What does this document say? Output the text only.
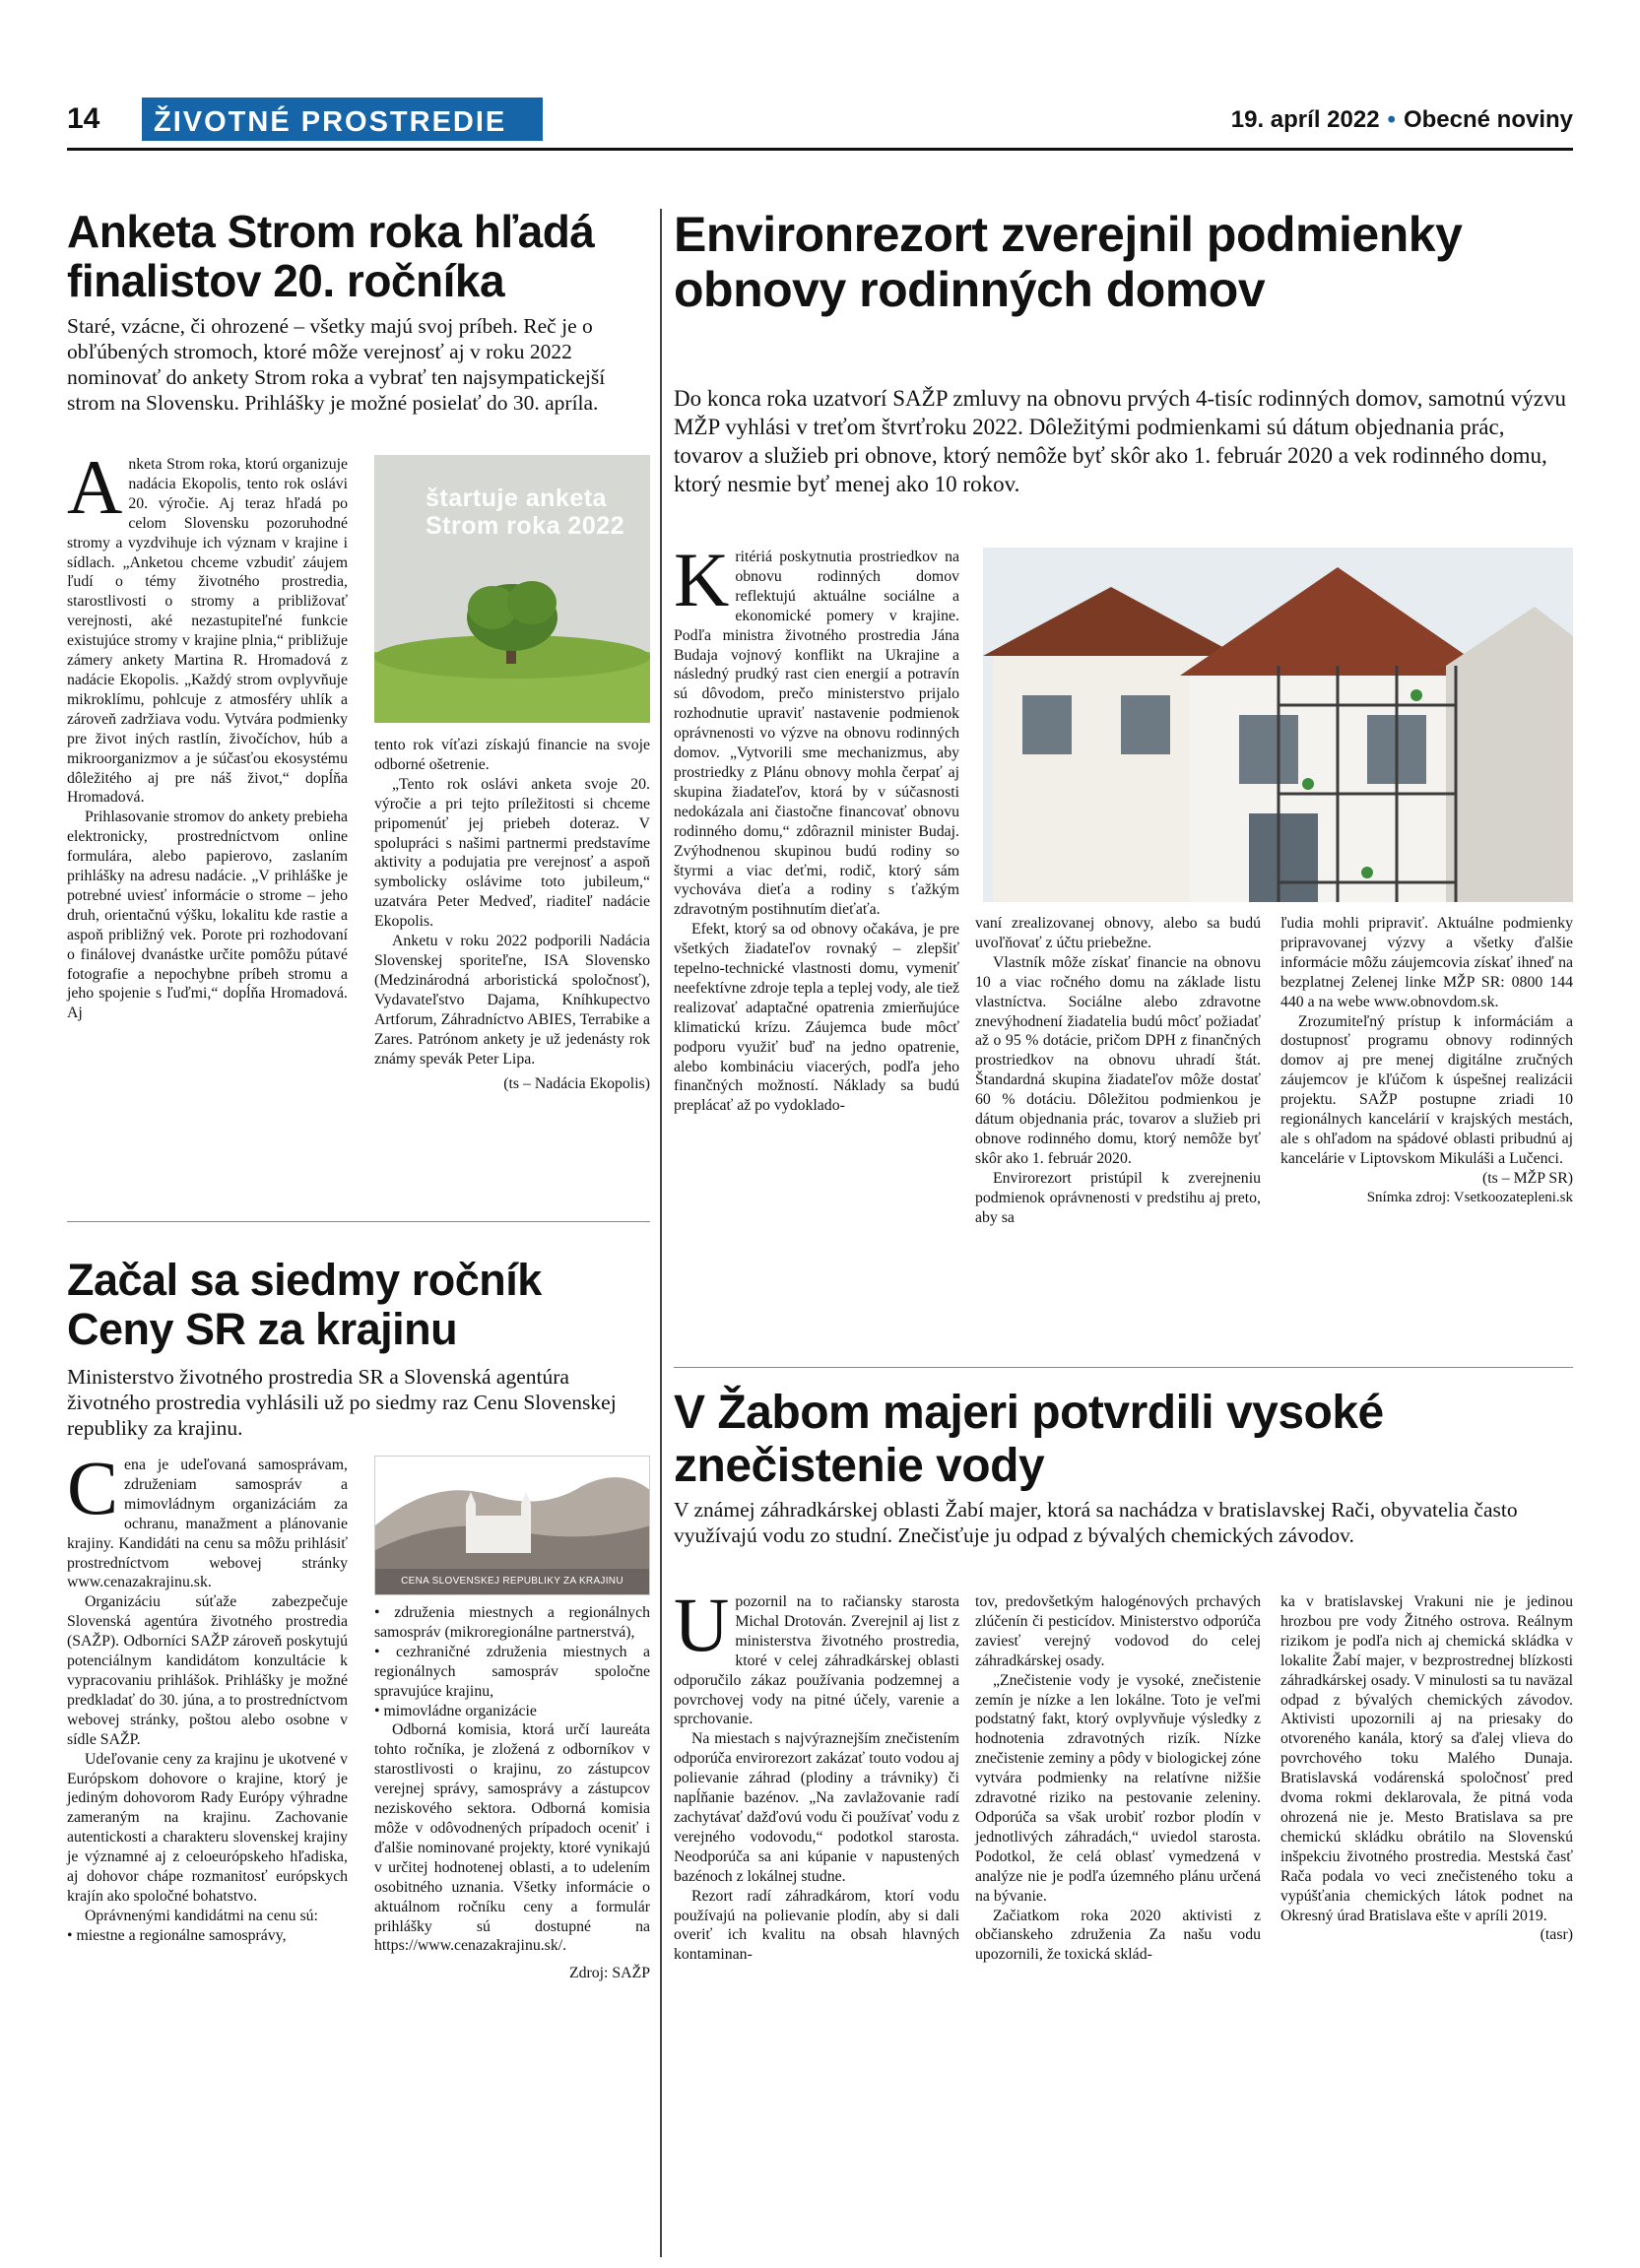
14	ŽIVOTNÉ PROSTREDIE	19. apríl 2022 • Obecné noviny
Anketa Strom roka hľadá finalistov 20. ročníka
Staré, vzácne, či ohrozené – všetky majú svoj príbeh. Reč je o obľúbených stromoch, ktoré môže verejnosť aj v roku 2022 nominovať do ankety Strom roka a vybrať ten najsympatickejší strom na Slovensku. Prihlášky je možné posielať do 30. apríla.

Anketa Strom roka, ktorú organizuje nadácia Ekopolis, tento rok oslávi 20. výročie. Aj teraz hľadá po celom Slovensku pozoruhodné stromy a vyzdvihuje ich význam v krajine i sídlach. „Anketou chceme vzbudiť záujem ľudí o témy životného prostredia, starostlivosti o stromy a približovať verejnosti, aké nezastupiteľné funkcie existujúce stromy v krajine plnia,“ približuje zámery ankety Martina R. Hromadová z nadácie Ekopolis. „Každý strom ovplyvňuje mikroklímu, pohlcuje z atmosféry uhlík a zároveň zadržiava vodu. Vytvára podmienky pre život iných rastlín, živočíchov, húb a mikroorganizmov a je súčasťou ekosystému dôležitého aj pre náš život,“ dopĺňa Hromadová.

Prihlasovanie stromov do ankety prebieha elektronicky, prostredníctvom online formulára, alebo papierovo, zaslaním prihlášky na adresu nadácie. „V prihláške je potrebné uviesť informácie o strome – jeho druh, orientačnú výšku, lokalitu kde rastie a aspoň približný vek. Porote pri rozhodovaní o finálovej dvanástke určite pomôžu pútavé fotografie a nepochybne príbeh stromu a jeho spojenie s ľuďmi,“ dopĺňa Hromadová. Aj

štartuje anketa Strom roka 2022

tento rok víťazi získajú financie na svoje odborné ošetrenie.

„Tento rok oslávi anketa svoje 20. výročie a pri tejto príležitosti si chceme pripomenúť jej priebeh doteraz. V spolupráci s našimi partnermi predstavíme aktivity a podujatia pre verejnosť a aspoň symbolicky oslávime toto jubileum,“ uzatvára Peter Medveď, riaditeľ nadácie Ekopolis.

Anketu v roku 2022 podporili Nadácia Slovenskej sporiteľne, ISA Slovensko (Medzinárodná arboristická spoločnosť), Vydavateľstvo Dajama, Kníhkupectvo Artforum, Záhradníctvo ABIES, Terrabike a Zares. Patrónom ankety je už jedenásty rok známy spevák Peter Lipa.

(ts – Nadácia Ekopolis)

Environrezort zverejnil podmienky obnovy rodinných domov
Do konca roka uzatvorí SAŽP zmluvy na obnovu prvých 4-tisíc rodinných domov, samotnú výzvu MŽP vyhlási v treťom štvrťroku 2022. Dôležitými podmienkami sú dátum objednania prác, tovarov a služieb pri obnove, ktorý nemôže byť skôr ako 1. február 2020 a vek rodinného domu, ktorý nesmie byť menej ako 10 rokov.

Kritériá poskytnutia prostriedkov na obnovu rodinných domov reflektujú aktuálne sociálne a ekonomické pomery v krajine. Podľa ministra životného prostredia Jána Budaja vojnový konflikt na Ukrajine a následný prudký rast cien energií a potravín sú dôvodom, prečo ministerstvo prijalo rozhodnutie upraviť nastavenie podmienok oprávnenosti vo výzve na obnovu rodinných domov. „Vytvorili sme mechanizmus, aby prostriedky z Plánu obnovy mohla čerpať aj skupina žiadateľov, ktorá by v súčasnosti nedokázala ani čiastočne financovať obnovu rodinného domu,“ zdôraznil minister Budaj. Zvýhodnenou skupinou budú rodiny so štyrmi a viac deťmi, rodič, ktorý sám vychováva dieťa a rodiny s ťažkým zdravotným postihnutím dieťaťa.

Efekt, ktorý sa od obnovy očakáva, je pre všetkých žiadateľov rovnaký – zlepšiť tepelno-technické vlastnosti domu, vymeniť neefektívne zdroje tepla a teplej vody, ale tiež realizovať adaptačné opatrenia zmierňujúce klimatickú krízu. Záujemca bude môcť podporu využiť buď na jedno opatrenie, alebo kombináciu viacerých, podľa jeho finančných možností. Náklady sa budú preplácať až po vydoklado-

vaní zrealizovanej obnovy, alebo sa budú uvoľňovať z účtu priebežne.

Vlastník môže získať financie na obnovu 10 a viac ročného domu na základe listu vlastníctva. Sociálne alebo zdravotne znevýhodnení žiadatelia budú môcť požiadať až o 95 % dotácie, pričom DPH z finančných prostriedkov na obnovu uhradí štát. Štandardná skupina žiadateľov môže dostať 60 % dotáciu. Dôležitou podmienkou je dátum objednania prác, tovarov a služieb pri obnove rodinného domu, ktorý nemôže byť skôr ako 1. február 2020.

Envirorezort pristúpil k zverejneniu podmienok oprávnenosti v predstihu aj preto, aby sa

ľudia mohli pripraviť. Aktuálne podmienky pripravovanej výzvy a všetky ďalšie informácie môžu záujemcovia získať ihneď na bezplatnej Zelenej linke MŽP SR: 0800 144 440 a na webe www.obnovdom.sk.

Zrozumiteľný prístup k informáciám a dostupnosť programu obnovy rodinných domov aj pre menej digitálne zručných záujemcov je kľúčom k úspešnej realizácii projektu. SAŽP postupne zriadi 10 regionálnych kancelárií v krajských mestách, ale s ohľadom na spádové oblasti pribudnú aj kancelárie v Liptovskom Mikuláši a Lučenci.

(ts – MŽP SR)

Snímka zdroj: Vsetkoozatepleni.sk

Začal sa siedmy ročník Ceny SR za krajinu
Ministerstvo životného prostredia SR a Slovenská agentúra životného prostredia vyhlásili už po siedmy raz Cenu Slovenskej republiky za krajinu.

Cena je udeľovaná samosprávam, združeniam samospráv a mimovládnym organizáciám za ochranu, manažment a plánovanie krajiny. Kandidáti na cenu sa môžu prihlásiť prostredníctvom webovej stránky www.cenazakrajinu.sk.

Organizáciu súťaže zabezpečuje Slovenská agentúra životného prostredia (SAŽP). Odborníci SAŽP zároveň poskytujú potenciálnym kandidátom konzultácie k vypracovaniu prihlášok. Prihlášky je možné predkladať do 30. júna, a to prostredníctvom webovej stránky, poštou alebo osobne v sídle SAŽP.

Udeľovanie ceny za krajinu je ukotvené v Európskom dohovore o krajine, ktorý je jediným dohovorom Rady Európy výhradne zameraným na krajinu. Zachovanie autentickosti a charakteru slovenskej krajiny je významné aj z celoeurópskeho hľadiska, aj dohovor chápe rozmanitosť európskych krajín ako spoločné bohatstvo.

Oprávnenými kandidátmi na cenu sú:

• miestne a regionálne samosprávy,

CENA SLOVENSKEJ REPUBLIKY ZA KRAJINU

• združenia miestnych a regionálnych samospráv (mikroregionálne partnerstvá),

• cezhraničné združenia miestnych a regionálnych samospráv spoločne spravujúce krajinu,

• mimovládne organizácie

Odborná komisia, ktorá určí laureáta tohto ročníka, je zložená z odborníkov v starostlivosti o krajinu, zo zástupcov verejnej správy, samosprávy a zástupcov neziskového sektora. Odborná komisia môže v odôvodnených prípadoch oceniť i ďalšie nominované projekty, ktoré vynikajú v určitej hodnotenej oblasti, a to udelením osobitného uznania. Všetky informácie o aktuálnom ročníku ceny a formulár prihlášky sú dostupné na https://www.cenazakrajinu.sk/.

Zdroj: SAŽP

V Žabom majeri potvrdili vysoké znečistenie vody
V známej záhradkárskej oblasti Žabí majer, ktorá sa nachádza v bratislavskej Rači, obyvatelia často využívajú vodu zo studní. Znečisťuje ju odpad z bývalých chemických závodov.

Upozornil na to račiansky starosta Michal Drotován. Zverejnil aj list z ministerstva životného prostredia, ktoré v celej záhradkárskej oblasti odporučilo zákaz používania podzemnej a povrchovej vody na pitné účely, varenie a sprchovanie.

Na miestach s najvýraznejším znečistením odporúča envirorezort zakázať touto vodou aj polievanie záhrad (plodiny a trávniky) či napĺňanie bazénov. „Na zavlažovanie radí zachytávať dažďovú vodu či používať vodu z verejného vodovodu,“ podotkol starosta. Neodporúča sa ani kúpanie v napustených bazénoch z lokálnej studne.

Rezort radí záhradkárom, ktorí vodu používajú na polievanie plodín, aby si dali overiť ich kvalitu na obsah hlavných kontaminan-

tov, predovšetkým halogénových prchavých zlúčenín či pesticídov. Ministerstvo odporúča zaviesť verejný vodovod do celej záhradkárskej osady.

„Znečistenie vody je vysoké, znečistenie zemín je nízke a len lokálne. Toto je veľmi podstatný fakt, ktorý ovplyvňuje výsledky z hodnotenia zdravotných rizík. Nízke znečistenie zeminy a pôdy v biologickej zóne vytvára podmienky na relatívne nižšie zdravotné riziko na pestovanie zeleniny. Odporúča sa však urobiť rozbor plodín v jednotlivých záhradách,“ uviedol starosta. Podotkol, že celá oblasť vymedzená v analýze nie je podľa územného plánu určená na bývanie.

Začiatkom roka 2020 aktivisti z občianskeho združenia Za našu vodu upozornili, že toxická sklád-

ka v bratislavskej Vrakuni nie je jedinou hrozbou pre vody Žitného ostrova. Reálnym rizikom je podľa nich aj chemická skládka v lokalite Žabí majer, v bezprostrednej blízkosti záhradkárskej osady. V minulosti sa tu naväzal odpad z bývalých chemických závodov. Aktivisti upozornili aj na priesaky do otvoreného kanála, ktorý sa ďalej vlieva do povrchového toku Malého Dunaja. Bratislavská vodárenská spoločnosť pred dvoma rokmi deklarovala, že pitná voda ohrozená nie je. Mesto Bratislava sa pre chemickú skládku obrátilo na Slovenskú inšpekciu životného prostredia. Mestská časť Rača podala vo veci znečisteného toku a vypúšťania chemických látok podnet na Okresný úrad Bratislava ešte v apríli 2019.

(tasr)
